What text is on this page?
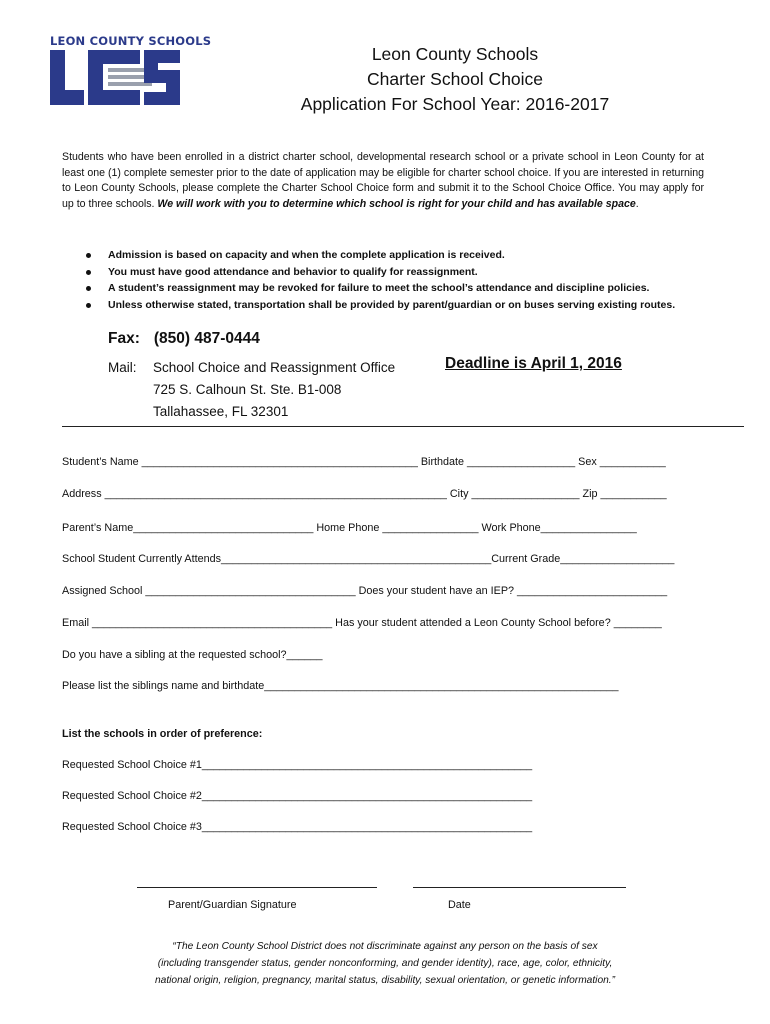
LEON COUNTY SCHOOLS
Leon County Schools
Charter School Choice
Application For School Year: 2016-2017
Students who have been enrolled in a district charter school, developmental research school or a private school in Leon County for at least one (1) complete semester prior to the date of application may be eligible for charter school choice. If you are interested in returning to Leon County Schools, please complete the Charter School Choice form and submit it to the School Choice Office. You may apply for up to three schools. We will work with you to determine which school is right for your child and has available space.
Admission is based on capacity and when the complete application is received.
You must have good attendance and behavior to qualify for reassignment.
A student’s reassignment may be revoked for failure to meet the school’s attendance and discipline policies.
Unless otherwise stated, transportation shall be provided by parent/guardian or on buses serving existing routes.
Fax: (850) 487-0444
Mail: School Choice and Reassignment Office
725 S. Calhoun St. Ste. B1-008
Tallahassee, FL 32301
Deadline is April 1, 2016
Student’s Name ______________________________________________ Birthdate __________________ Sex ___________
Address _________________________________________________________ City __________________ Zip ___________
Parent’s Name______________________________ Home Phone ________________ Work Phone________________
School Student Currently Attends_____________________________________________Current Grade___________________
Assigned School ___________________________________ Does your student have an IEP? _________________________
Email ________________________________________ Has your student attended a Leon County School before? ________
Do you have a sibling at the requested school?______
Please list the siblings name and birthdate___________________________________________________________
List the schools in order of preference:
Requested School Choice #1_______________________________________________________
Requested School Choice #2_______________________________________________________
Requested School Choice #3_______________________________________________________
Parent/Guardian Signature	Date
“The Leon County School District does not discriminate against any person on the basis of sex
(including transgender status, gender nonconforming, and gender identity), race, age, color, ethnicity,
national origin, religion, pregnancy, marital status, disability, sexual orientation, or genetic information.”
